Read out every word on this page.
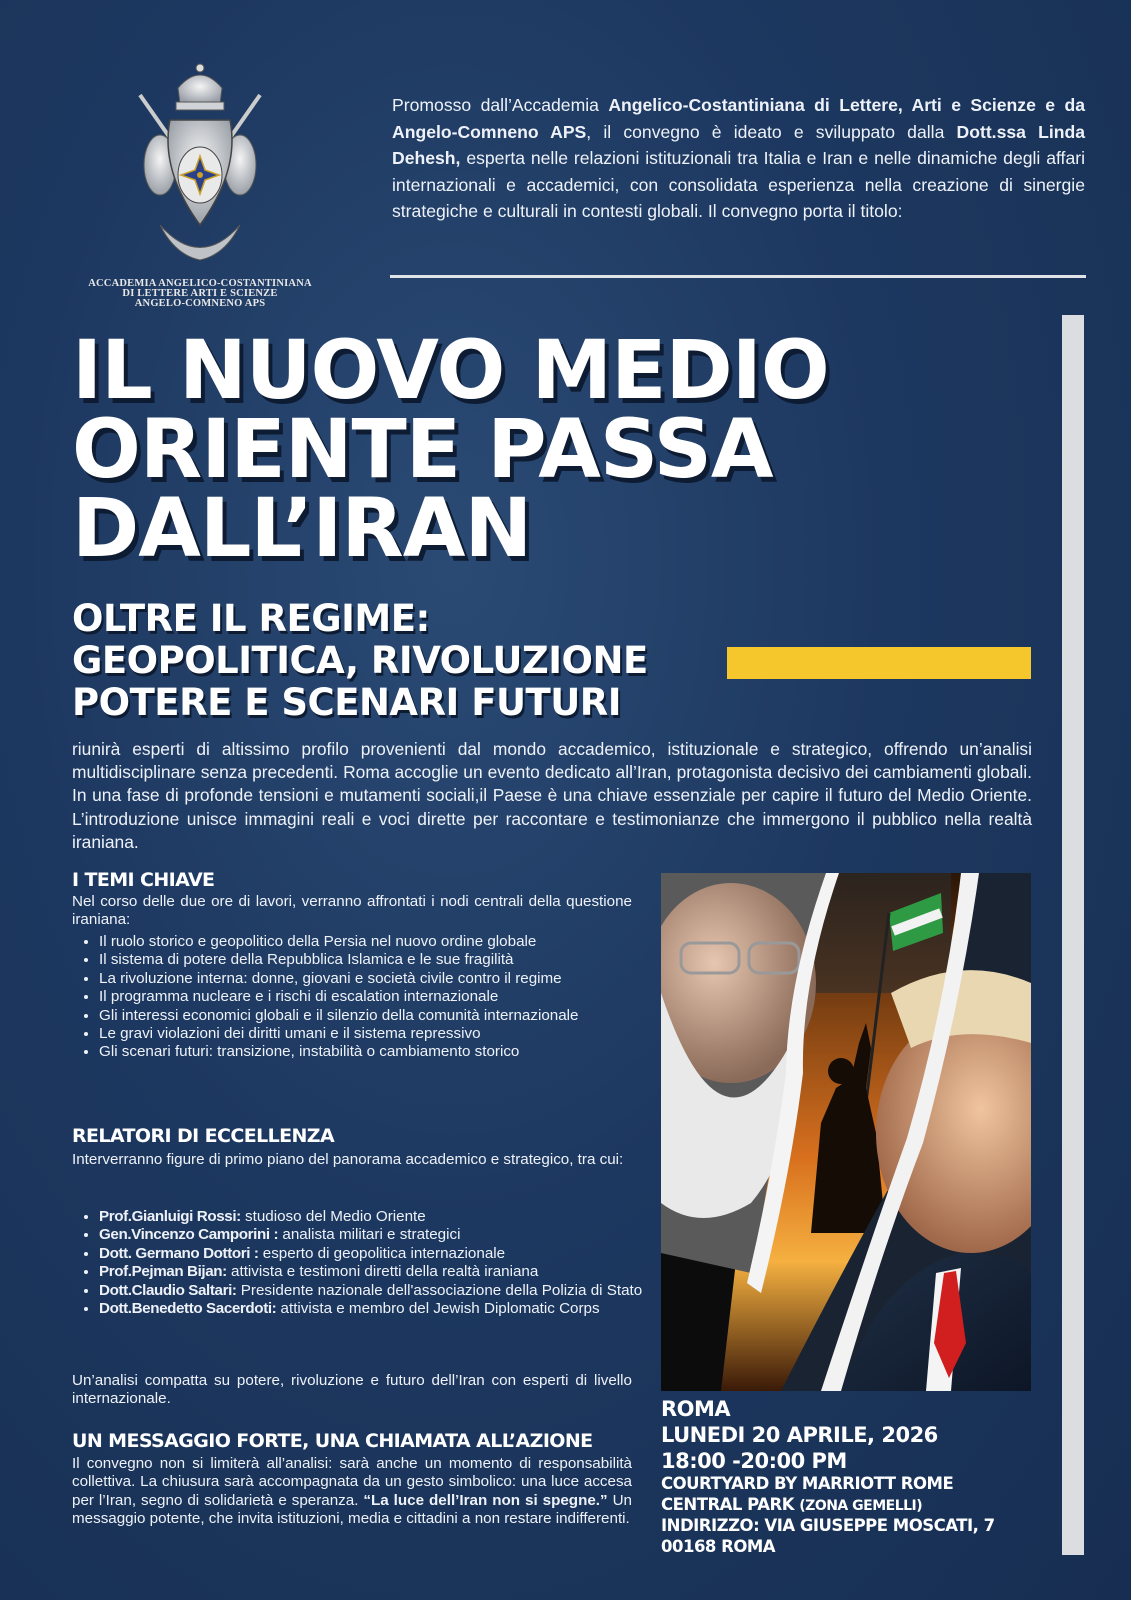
ACCADEMIA ANGELICO-COSTANTINIANA
DI LETTERE ARTI E SCIENZE
ANGELO-COMNENO APS
Promosso dall’Accademia Angelico-Costantiniana di Lettere, Arti e Scienze e da Angelo-Comneno APS, il convegno è ideato e sviluppato dalla Dott.ssa Linda Dehesh, esperta nelle relazioni istituzionali tra Italia e Iran e nelle dinamiche degli affari internazionali e accademici, con consolidata esperienza nella creazione di sinergie strategiche e culturali in contesti globali. Il convegno porta il titolo:
IL NUOVO MEDIO
ORIENTE PASSA
DALL’IRAN
OLTRE IL REGIME:
GEOPOLITICA, RIVOLUZIONE
POTERE E SCENARI FUTURI
riunirà esperti di altissimo profilo provenienti dal mondo accademico, istituzionale e strategico, offrendo un’analisi multidisciplinare senza precedenti. Roma accoglie un evento dedicato all’Iran, protagonista decisivo dei cambiamenti globali. In una fase di profonde tensioni e mutamenti sociali,il Paese è una chiave essenziale per capire il futuro del Medio Oriente. L’introduzione unisce immagini reali e voci dirette per raccontare e testimonianze che immergono il pubblico nella realtà iraniana.
I TEMI CHIAVE
Nel corso delle due ore di lavori, verranno affrontati i nodi centrali della questione iraniana:
• Il ruolo storico e geopolitico della Persia nel nuovo ordine globale
• Il sistema di potere della Repubblica Islamica e le sue fragilità
• La rivoluzione interna: donne, giovani e società civile contro il regime
• Il programma nucleare e i rischi di escalation internazionale
• Gli interessi economici globali e il silenzio della comunità internazionale
• Le gravi violazioni dei diritti umani e il sistema repressivo
• Gli scenari futuri: transizione, instabilità o cambiamento storico
RELATORI DI ECCELLENZA
Interverranno figure di primo piano del panorama accademico e strategico, tra cui:
• Prof.Gianluigi Rossi: studioso del Medio Oriente
• Gen.Vincenzo Camporini : analista militari e strategici
• Dott. Germano Dottori : esperto di geopolitica internazionale
• Prof.Pejman Bijan: attivista e testimoni diretti della realtà iraniana
• Dott.Claudio Saltari: Presidente nazionale dell'associazione della Polizia di Stato
• Dott.Benedetto Sacerdoti: attivista e membro del Jewish Diplomatic Corps
Un’analisi compatta su potere, rivoluzione e futuro dell’Iran con esperti di livello internazionale.
UN MESSAGGIO FORTE, UNA CHIAMATA ALL’AZIONE
Il convegno non si limiterà all’analisi: sarà anche un momento di responsabilità collettiva. La chiusura sarà accompagnata da un gesto simbolico: una luce accesa per l’Iran, segno di solidarietà e speranza. “La luce dell’Iran non si spegne.” Un messaggio potente, che invita istituzioni, media e cittadini a non restare indifferenti.
ROMA
LUNEDI 20 APRILE, 2026
18:00 -20:00 PM
COURTYARD BY MARRIOTT ROME
CENTRAL PARK (ZONA GEMELLI)
INDIRIZZO: VIA GIUSEPPE MOSCATI, 7
00168 ROMA
